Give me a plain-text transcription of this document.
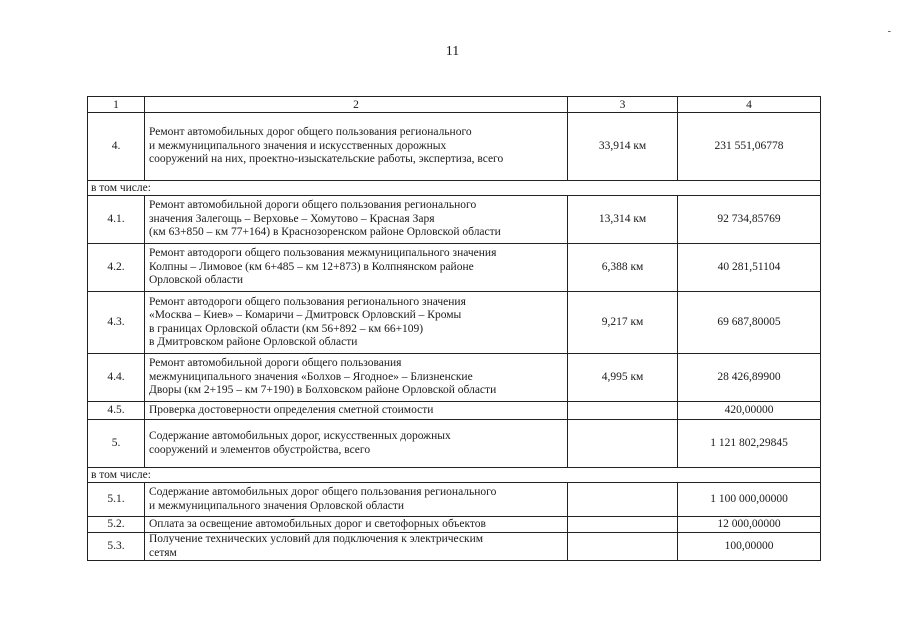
11
-
1	2	3	4
4.	Ремонт автомобильных дорог общего пользования регионального
и межмуниципального значения и искусственных дорожных
сооружений на них, проектно-изыскательские работы, экспертиза, всего	33,914 км	231 551,06778
в том числе:			
4.1.	Ремонт автомобильной дороги общего пользования регионального
значения Залегощь – Верховье – Хомутово – Красная Заря
(км 63+850 – км 77+164) в Краснозоренском районе Орловской области	13,314 км	92 734,85769
4.2.	Ремонт автодороги общего пользования межмуниципального значения
Колпны – Лимовое (км 6+485 – км 12+873) в Колпнянском районе
Орловской области	6,388 км	40 281,51104
4.3.	Ремонт автодороги общего пользования регионального значения
«Москва – Киев» – Комаричи – Дмитровск Орловский – Кромы
в границах Орловской области (км 56+892 – км 66+109)
в Дмитровском районе Орловской области	9,217 км	69 687,80005
4.4.	Ремонт автомобильной дороги общего пользования
межмуниципального значения «Болхов – Ягодное» – Близненские
Дворы (км 2+195 – км 7+190) в Болховском районе Орловской области	4,995 км	28 426,89900
4.5.	Проверка достоверности определения сметной стоимости		420,00000
5.	Содержание автомобильных дорог, искусственных дорожных
сооружений и элементов обустройства, всего		1 121 802,29845
в том числе:			
5.1.	Содержание автомобильных дорог общего пользования регионального
и межмуниципального значения Орловской области		1 100 000,00000
5.2.	Оплата за освещение автомобильных дорог и светофорных объектов		12 000,00000
5.3.	Получение технических условий для подключения к электрическим
сетям		100,00000
